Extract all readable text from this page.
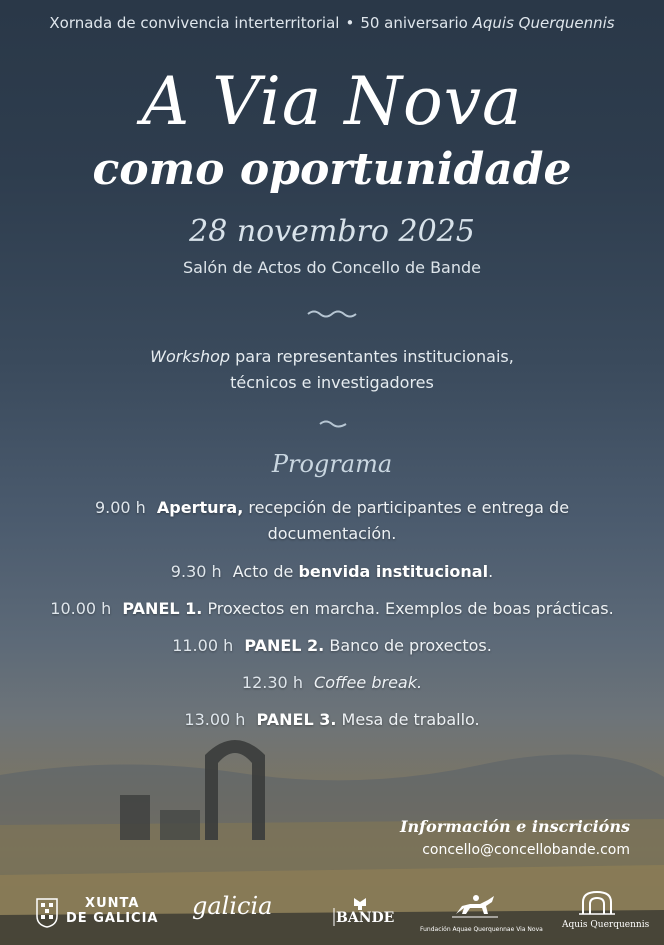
Xornada de convivencia interterritorial • 50 aniversario Aquis Querquennis
A Via Nova
como oportunidade
28 novembro 2025
Salón de Actos do Concello de Bande
Workshop para representantes institucionais,
técnicos e investigadores
Programa
9.00 h Apertura, recepción de participantes e entrega de
documentación.
9.30 h Acto de benvida institucional.
10.00 h PANEL 1. Proxectos en marcha. Exemplos de boas prácticas.
11.00 h PANEL 2. Banco de proxectos.
12.30 h Coffee break.
13.00 h PANEL 3. Mesa de traballo.
Información e inscricións
concello@concellobande.com
XUNTA
DE GALICIA galicia	BANDE
Fundación Aquae Querquennae Via Nova Aquis Querquennis
